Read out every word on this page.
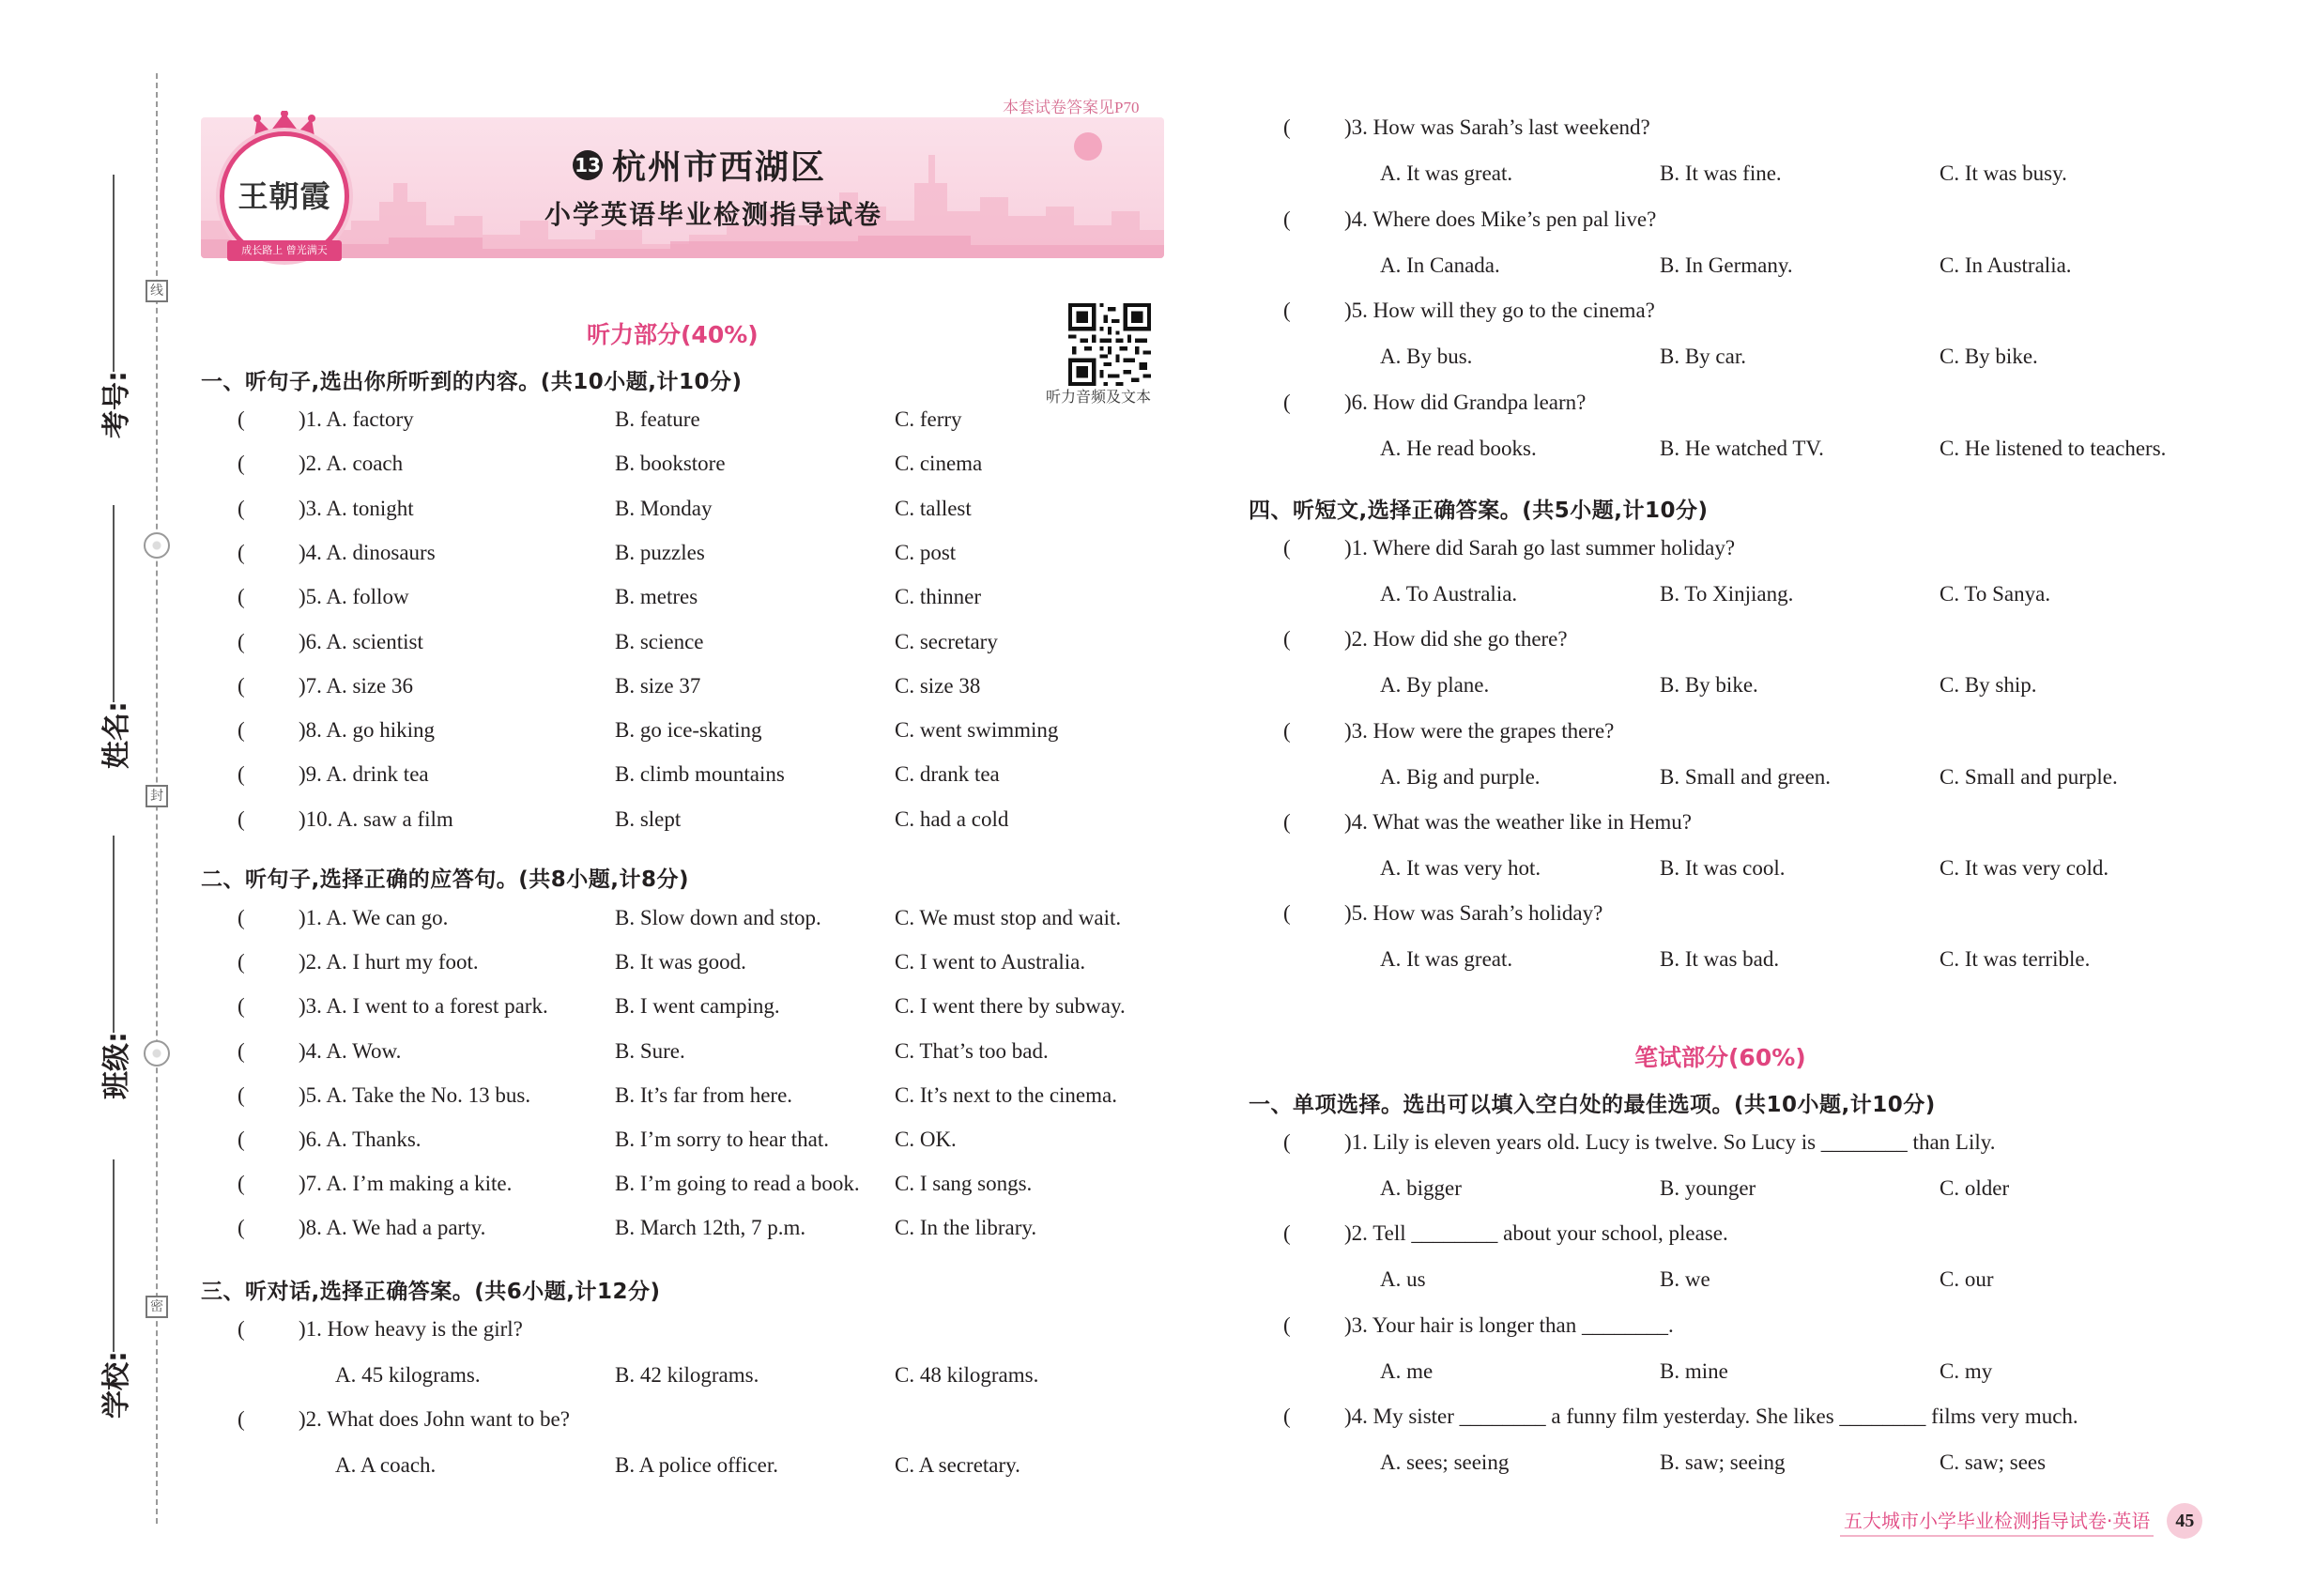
线
封
密
学校:
班级:
姓名:
考号:
本套试卷答案见P70
王朝霞
成长路上 曾光满天
13 杭州市西湖区
小学英语毕业检测指导试卷
听力音频及文本
听力部分(40%)
一、听句子,选出你所听到的内容。(共10小题,计10分)
( )1. A. factory	B. feature	C. ferry
( )2. A. coach	B. bookstore	C. cinema
( )3. A. tonight	B. Monday	C. tallest
( )4. A. dinosaurs	B. puzzles	C. post
( )5. A. follow	B. metres	C. thinner
( )6. A. scientist	B. science	C. secretary
( )7. A. size 36	B. size 37	C. size 38
( )8. A. go hiking	B. go ice-skating	C. went swimming
( )9. A. drink tea	B. climb mountains	C. drank tea
( )10. A. saw a film	B. slept	C. had a cold
二、听句子,选择正确的应答句。(共8小题,计8分)
( )1. A. We can go.	B. Slow down and stop.	C. We must stop and wait.
( )2. A. I hurt my foot.	B. It was good.	C. I went to Australia.
( )3. A. I went to a forest park.	B. I went camping.	C. I went there by subway.
( )4. A. Wow.	B. Sure.	C. That’s too bad.
( )5. A. Take the No. 13 bus.	B. It’s far from here.	C. It’s next to the cinema.
( )6. A. Thanks.	B. I’m sorry to hear that.	C. OK.
( )7. A. I’m making a kite.	B. I’m going to read a book. C. I sang songs.
( )8. A. We had a party.	B. March 12th, 7 p.m.	C. In the library.
三、听对话,选择正确答案。(共6小题,计12分)
( )1. How heavy is the girl?
A. 45 kilograms.	B. 42 kilograms.	C. 48 kilograms.
( )2. What does John want to be?
A. A coach.	B. A police officer.	C. A secretary.
( )3. How was Sarah’s last weekend?
A. It was great.	B. It was fine.	C. It was busy.
( )4. Where does Mike’s pen pal live?
A. In Canada.	B. In Germany.	C. In Australia.
( )5. How will they go to the cinema?
A. By bus.	B. By car.	C. By bike.
( )6. How did Grandpa learn?
A. He read books.	B. He watched TV.	C. He listened to teachers.
四、听短文,选择正确答案。(共5小题,计10分)
( )1. Where did Sarah go last summer holiday?
A. To Australia.	B. To Xinjiang.	C. To Sanya.
( )2. How did she go there?
A. By plane.	B. By bike.	C. By ship.
( )3. How were the grapes there?
A. Big and purple.	B. Small and green.	C. Small and purple.
( )4. What was the weather like in Hemu?
A. It was very hot.	B. It was cool.	C. It was very cold.
( )5. How was Sarah’s holiday?
A. It was great.	B. It was bad.	C. It was terrible.
笔试部分(60%)
一、单项选择。选出可以填入空白处的最佳选项。(共10小题,计10分)
( )1. Lily is eleven years old. Lucy is twelve. So Lucy is ________ than Lily.
A. bigger	B. younger	C. older
( )2. Tell ________ about your school, please.
A. us	B. we	C. our
( )3. Your hair is longer than ________.
A. me	B. mine	C. my
( )4. My sister ________ a funny film yesterday. She likes ________ films very much.
A. sees; seeing	B. saw; seeing	C. saw; sees
五大城市小学毕业检测指导试卷·英语	45
